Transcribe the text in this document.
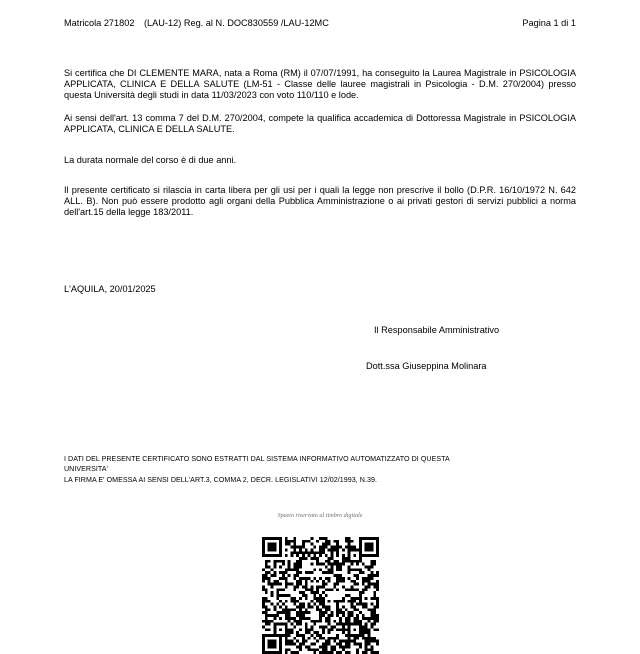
Matricola 271802 (LAU-12) Reg. al N. DOC830559 /LAU-12MC	Pagina 1 di 1

Si certifica che DI CLEMENTE MARA, nata a Roma (RM) il 07/07/1991, ha conseguito la Laurea Magistrale in PSICOLOGIA APPLICATA, CLINICA E DELLA SALUTE (LM-51 - Classe delle lauree magistrali in Psicologia - D.M. 270/2004) presso questa Università degli studi in data 11/03/2023 con voto 110/110 e lode.

Ai sensi dell'art. 13 comma 7 del D.M. 270/2004, compete la qualifica accademica di Dottoressa Magistrale in PSICOLOGIA APPLICATA, CLINICA E DELLA SALUTE.

La durata normale del corso è di due anni.

Il presente certificato si rilascia in carta libera per gli usi per i quali la legge non prescrive il bollo (D.P.R. 16/10/1972 N. 642 ALL. B). Non può essere prodotto agli organi della Pubblica Amministrazione o ai privati gestori di servizi pubblici a norma dell'art.15 della legge 183/2011.

L'AQUILA, 20/01/2025
Il Responsabile Amministrativo
Dott.ssa Giuseppina Molinara
I DATI DEL PRESENTE CERTIFICATO SONO ESTRATTI DAL SISTEMA INFORMATIVO AUTOMATIZZATO DI QUESTA
UNIVERSITA'
LA FIRMA E' OMESSA AI SENSI DELL'ART.3, COMMA 2, DECR. LEGISLATIVI 12/02/1993, N.39.
Spazio riservato al timbro digitale
